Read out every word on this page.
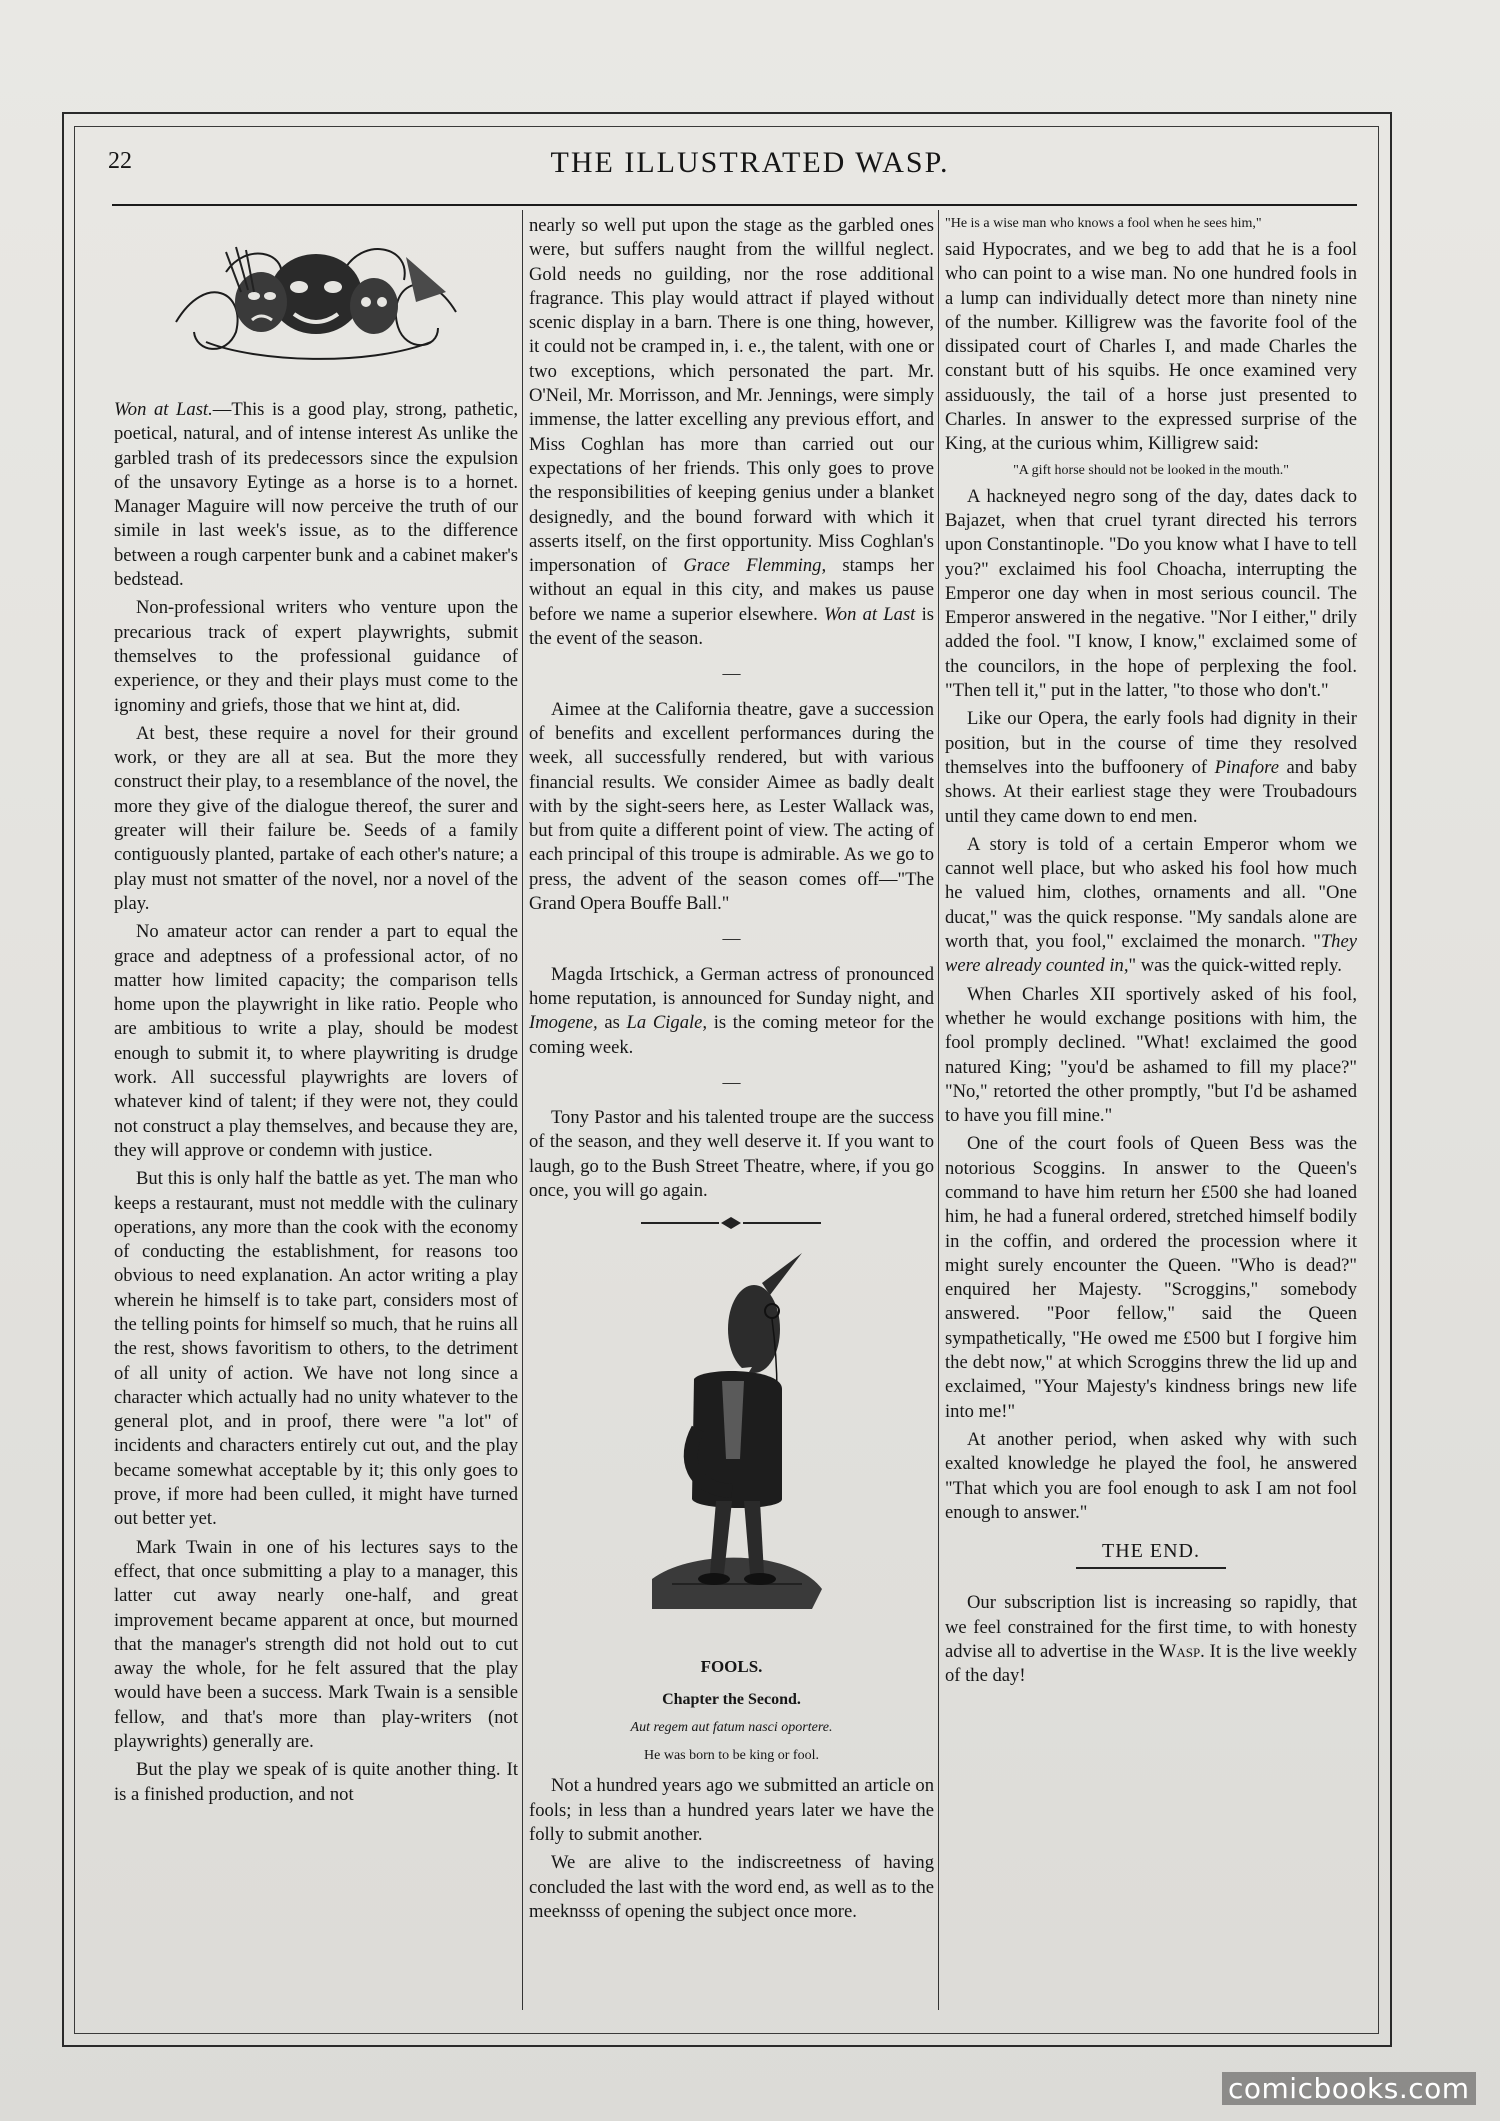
22	THE ILLUSTRATED WASP.

Won at Last.—This is a good play, strong, pathetic, poetical, natural, and of intense interest As unlike the garbled trash of its predecessors since the expulsion of the unsavory Eytinge as a horse is to a hornet. Manager Maguire will now perceive the truth of our simile in last week's issue, as to the difference between a rough carpenter bunk and a cabinet maker's bedstead.

Non-professional writers who venture upon the precarious track of expert playwrights, submit themselves to the professional guidance of experience, or they and their plays must come to the ignominy and griefs, those that we hint at, did.

At best, these require a novel for their ground work, or they are all at sea. But the more they construct their play, to a resemblance of the novel, the more they give of the dialogue thereof, the surer and greater will their failure be. Seeds of a family contiguously planted, partake of each other's nature; a play must not smatter of the novel, nor a novel of the play.

No amateur actor can render a part to equal the grace and adeptness of a professional actor, of no matter how limited capacity; the comparison tells home upon the playwright in like ratio. People who are ambitious to write a play, should be modest enough to submit it, to where playwriting is drudge work. All successful playwrights are lovers of whatever kind of talent; if they were not, they could not construct a play themselves, and because they are, they will approve or condemn with justice.

But this is only half the battle as yet. The man who keeps a restaurant, must not meddle with the culinary operations, any more than the cook with the economy of conducting the establishment, for reasons too obvious to need explanation. An actor writing a play wherein he himself is to take part, considers most of the telling points for himself so much, that he ruins all the rest, shows favoritism to others, to the detriment of all unity of action. We have not long since a character which actually had no unity whatever to the general plot, and in proof, there were "a lot" of incidents and characters entirely cut out, and the play became somewhat acceptable by it; this only goes to prove, if more had been culled, it might have turned out better yet.

Mark Twain in one of his lectures says to the effect, that once submitting a play to a manager, this latter cut away nearly one-half, and great improvement became apparent at once, but mourned that the manager's strength did not hold out to cut away the whole, for he felt assured that the play would have been a success. Mark Twain is a sensible fellow, and that's more than play-writers (not playwrights) generally are.

But the play we speak of is quite another thing. It is a finished production, and not

nearly so well put upon the stage as the garbled ones were, but suffers naught from the willful neglect. Gold needs no guilding, nor the rose additional fragrance. This play would attract if played without scenic display in a barn. There is one thing, however, it could not be cramped in, i. e., the talent, with one or two exceptions, which personated the part. Mr. O'Neil, Mr. Morrisson, and Mr. Jennings, were simply immense, the latter excelling any previous effort, and Miss Coghlan has more than carried out our expectations of her friends. This only goes to prove the responsibilities of keeping genius under a blanket designedly, and the bound forward with which it asserts itself, on the first opportunity. Miss Coghlan's impersonation of Grace Flemming, stamps her without an equal in this city, and makes us pause before we name a superior elsewhere. Won at Last is the event of the season.

—

Aimee at the California theatre, gave a succession of benefits and excellent performances during the week, all successfully rendered, but with various financial results. We consider Aimee as badly dealt with by the sight-seers here, as Lester Wallack was, but from quite a different point of view. The acting of each principal of this troupe is admirable. As we go to press, the advent of the season comes off—"The Grand Opera Bouffe Ball."

—

Magda Irtschick, a German actress of pronounced home reputation, is announced for Sunday night, and Imogene, as La Cigale, is the coming meteor for the coming week.

—

Tony Pastor and his talented troupe are the success of the season, and they well deserve it. If you want to laugh, go to the Bush Street Theatre, where, if you go once, you will go again.

FOOLS.
Chapter the Second.
Aut regem aut fatum nasci oportere.
He was born to be king or fool.

Not a hundred years ago we submitted an article on fools; in less than a hundred years later we have the folly to submit another.

We are alive to the indiscreetness of having concluded the last with the word end, as well as to the meeknsss of opening the subject once more.

"He is a wise man who knows a fool when he sees him,"

said Hypocrates, and we beg to add that he is a fool who can point to a wise man. No one hundred fools in a lump can individually detect more than ninety nine of the number. Killigrew was the favorite fool of the dissipated court of Charles I, and made Charles the constant butt of his squibs. He once examined very assiduously, the tail of a horse just presented to Charles. In answer to the expressed surprise of the King, at the curious whim, Killigrew said:

"A gift horse should not be looked in the mouth."

A hackneyed negro song of the day, dates dack to Bajazet, when that cruel tyrant directed his terrors upon Constantinople. "Do you know what I have to tell you?" exclaimed his fool Choacha, interrupting the Emperor one day when in most serious council. The Emperor answered in the negative. "Nor I either," drily added the fool. "I know, I know," exclaimed some of the councilors, in the hope of perplexing the fool. "Then tell it," put in the latter, "to those who don't."

Like our Opera, the early fools had dignity in their position, but in the course of time they resolved themselves into the buffoonery of Pinafore and baby shows. At their earliest stage they were Troubadours until they came down to end men.

A story is told of a certain Emperor whom we cannot well place, but who asked his fool how much he valued him, clothes, ornaments and all. "One ducat," was the quick response. "My sandals alone are worth that, you fool," exclaimed the monarch. "They were already counted in," was the quick-witted reply.

When Charles XII sportively asked of his fool, whether he would exchange positions with him, the fool promply declined. "What! exclaimed the good natured King; "you'd be ashamed to fill my place?" "No," retorted the other promptly, "but I'd be ashamed to have you fill mine."

One of the court fools of Queen Bess was the notorious Scoggins. In answer to the Queen's command to have him return her £500 she had loaned him, he had a funeral ordered, stretched himself bodily in the coffin, and ordered the procession where it might surely encounter the Queen. "Who is dead?" enquired her Majesty. "Scroggins," somebody answered. "Poor fellow," said the Queen sympathetically, "He owed me £500 but I forgive him the debt now," at which Scroggins threw the lid up and exclaimed, "Your Majesty's kindness brings new life into me!"

At another period, when asked why with such exalted knowledge he played the fool, he answered "That which you are fool enough to ask I am not fool enough to answer."

THE END.

Our subscription list is increasing so rapidly, that we feel constrained for the first time, to with honesty advise all to advertise in the Wasp. It is the live weekly of the day!

comicbooks.com
